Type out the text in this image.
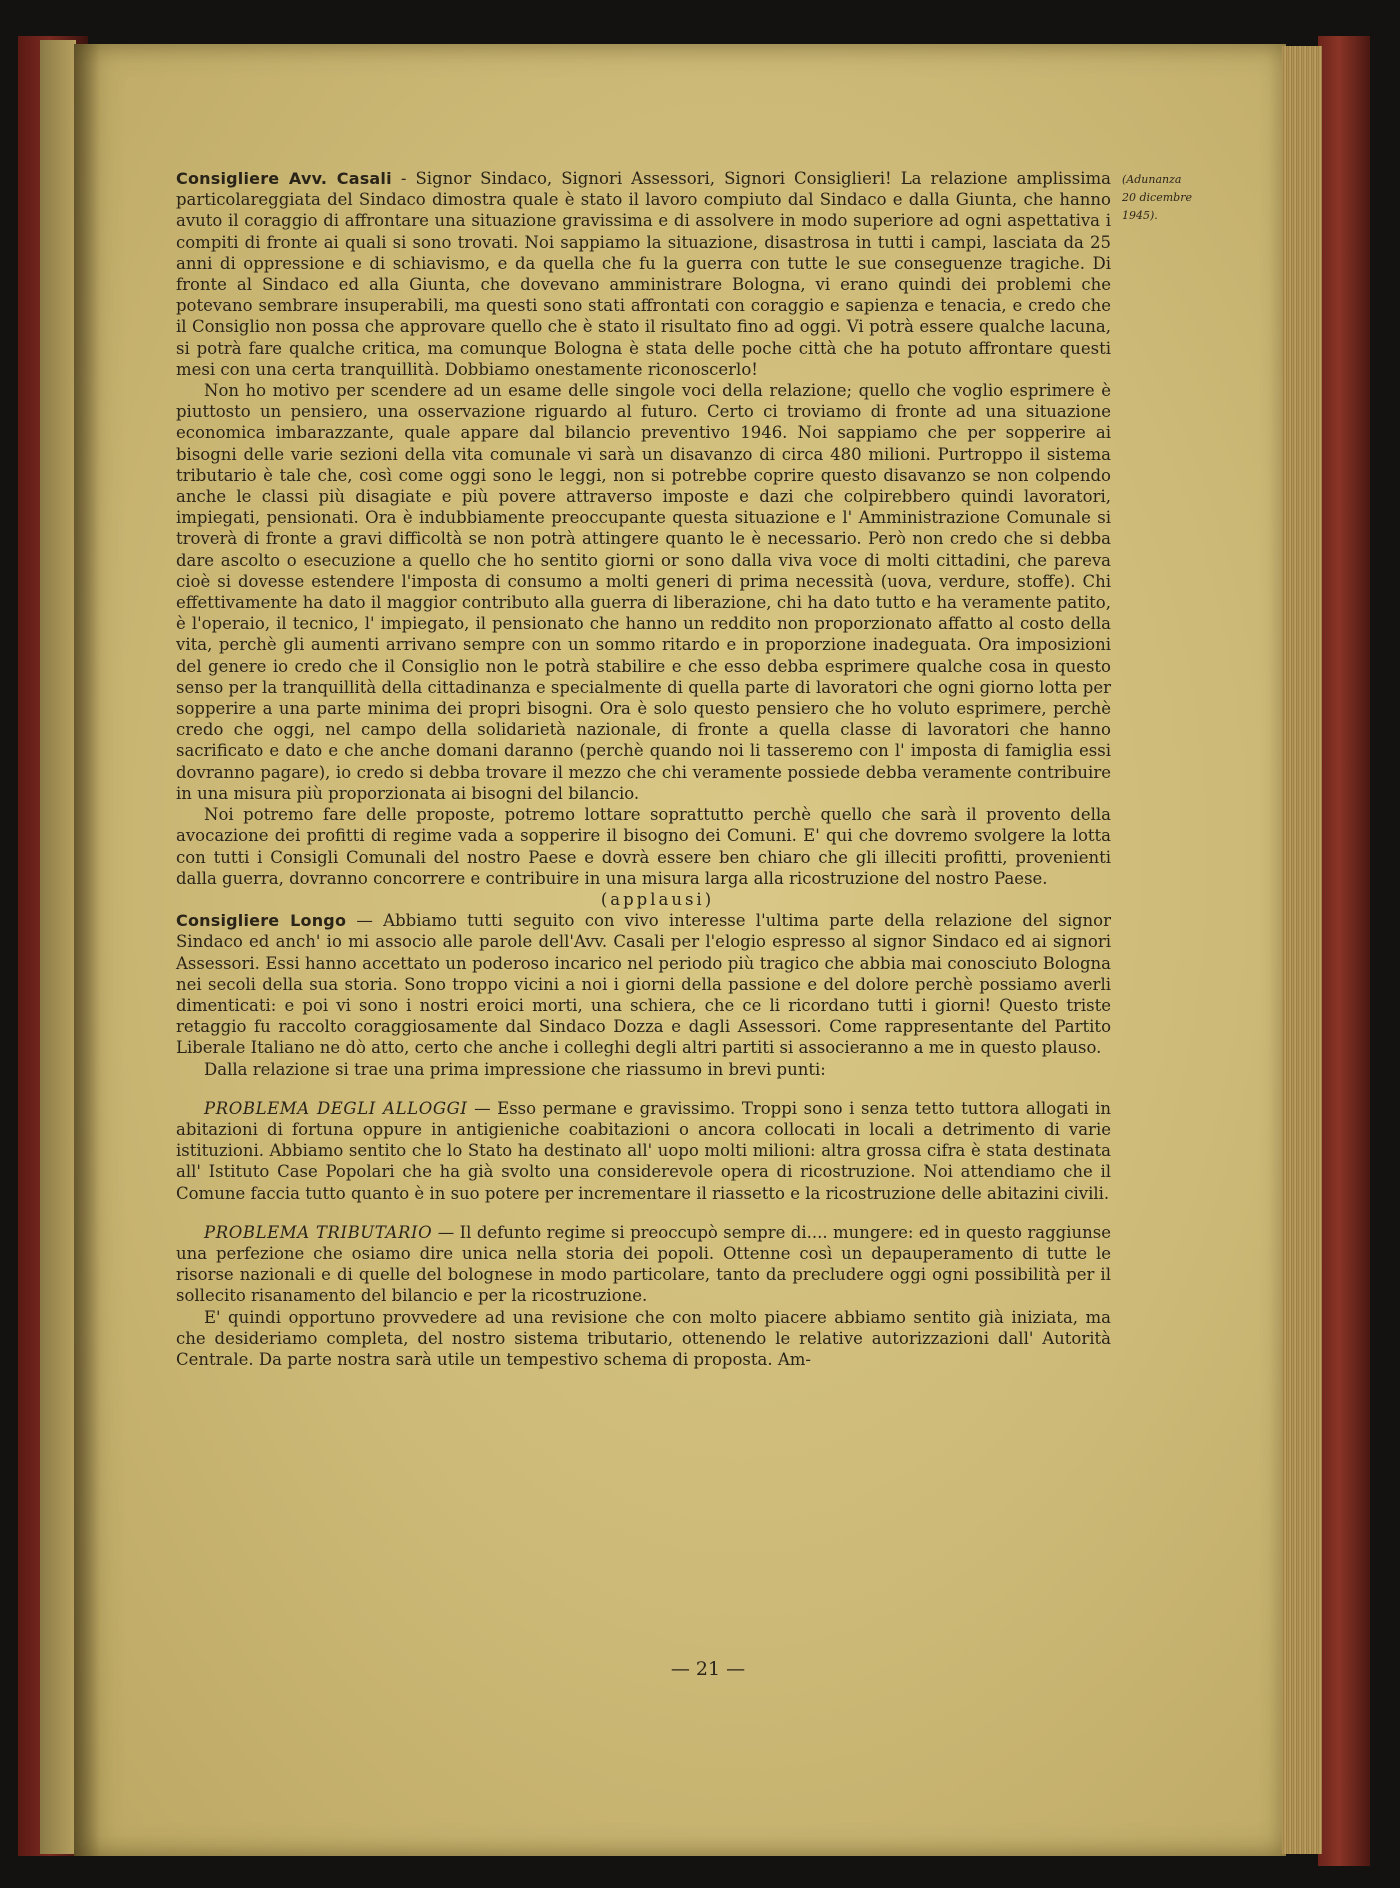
(Adunanza
20 dicembre 1945).

Consigliere Avv. Casali - Signor Sindaco, Signori Assessori, Signori Consiglieri! La relazione amplissima particolareggiata del Sindaco dimostra quale è stato il lavoro compiuto dal Sindaco e dalla Giunta, che hanno avuto il coraggio di affrontare una situazione gravissima e di assolvere in modo superiore ad ogni aspettativa i compiti di fronte ai quali si sono trovati. Noi sappiamo la situazione, disastrosa in tutti i campi, lasciata da 25 anni di oppressione e di schiavismo, e da quella che fu la guerra con tutte le sue conseguenze tragiche. Di fronte al Sindaco ed alla Giunta, che dovevano amministrare Bologna, vi erano quindi dei problemi che potevano sembrare insuperabili, ma questi sono stati affrontati con coraggio e sapienza e tenacia, e credo che il Consiglio non possa che approvare quello che è stato il risultato fino ad oggi. Vi potrà essere qualche lacuna, si potrà fare qualche critica, ma comunque Bologna è stata delle poche città che ha potuto affrontare questi mesi con una certa tranquillità. Dobbiamo onestamente riconoscerlo!

Non ho motivo per scendere ad un esame delle singole voci della relazione; quello che voglio esprimere è piuttosto un pensiero, una osservazione riguardo al futuro. Certo ci troviamo di fronte ad una situazione economica imbarazzante, quale appare dal bilancio preventivo 1946. Noi sappiamo che per sopperire ai bisogni delle varie sezioni della vita comunale vi sarà un disavanzo di circa 480 milioni. Purtroppo il sistema tributario è tale che, così come oggi sono le leggi, non si potrebbe coprire questo disavanzo se non colpendo anche le classi più disagiate e più povere attraverso imposte e dazi che colpirebbero quindi lavoratori, impiegati, pensionati. Ora è indubbiamente preoccupante questa situazione e l' Amministrazione Comunale si troverà di fronte a gravi difficoltà se non potrà attingere quanto le è necessario. Però non credo che si debba dare ascolto o esecuzione a quello che ho sentito giorni or sono dalla viva voce di molti cittadini, che pareva cioè si dovesse estendere l'imposta di consumo a molti generi di prima necessità (uova, verdure, stoffe). Chi effettivamente ha dato il maggior contributo alla guerra di liberazione, chi ha dato tutto e ha veramente patito, è l'operaio, il tecnico, l' impiegato, il pensionato che hanno un reddito non proporzionato affatto al costo della vita, perchè gli aumenti arrivano sempre con un sommo ritardo e in proporzione inadeguata. Ora imposizioni del genere io credo che il Consiglio non le potrà stabilire e che esso debba esprimere qualche cosa in questo senso per la tranquillità della cittadinanza e specialmente di quella parte di lavoratori che ogni giorno lotta per sopperire a una parte minima dei propri bisogni. Ora è solo questo pensiero che ho voluto esprimere, perchè credo che oggi, nel campo della solidarietà nazionale, di fronte a quella classe di lavoratori che hanno sacrificato e dato e che anche domani daranno (perchè quando noi li tasseremo con l' imposta di famiglia essi dovranno pagare), io credo si debba trovare il mezzo che chi veramente possiede debba veramente contribuire in una misura più proporzionata ai bisogni del bilancio.

Noi potremo fare delle proposte, potremo lottare soprattutto perchè quello che sarà il provento della avocazione dei profitti di regime vada a sopperire il bisogno dei Comuni. E' qui che dovremo svolgere la lotta con tutti i Consigli Comunali del nostro Paese e dovrà essere ben chiaro che gli illeciti profitti, provenienti dalla guerra, dovranno concorrere e contribuire in una misura larga alla ricostruzione del nostro Paese.

(applausi)

Consigliere Longo — Abbiamo tutti seguito con vivo interesse l'ultima parte della relazione del signor Sindaco ed anch' io mi associo alle parole dell'Avv. Casali per l'elogio espresso al signor Sindaco ed ai signori Assessori. Essi hanno accettato un poderoso incarico nel periodo più tragico che abbia mai conosciuto Bologna nei secoli della sua storia. Sono troppo vicini a noi i giorni della passione e del dolore perchè possiamo averli dimenticati: e poi vi sono i nostri eroici morti, una schiera, che ce li ricordano tutti i giorni! Questo triste retaggio fu raccolto coraggiosamente dal Sindaco Dozza e dagli Assessori. Come rappresentante del Partito Liberale Italiano ne dò atto, certo che anche i colleghi degli altri partiti si associeranno a me in questo plauso.

Dalla relazione si trae una prima impressione che riassumo in brevi punti:

PROBLEMA DEGLI ALLOGGI — Esso permane e gravissimo. Troppi sono i senza tetto tuttora allogati in abitazioni di fortuna oppure in antigieniche coabitazioni o ancora collocati in locali a detrimento di varie istituzioni. Abbiamo sentito che lo Stato ha destinato all' uopo molti milioni: altra grossa cifra è stata destinata all' Istituto Case Popolari che ha già svolto una considerevole opera di ricostruzione. Noi attendiamo che il Comune faccia tutto quanto è in suo potere per incrementare il riassetto e la ricostruzione delle abitazini civili.

PROBLEMA TRIBUTARIO — Il defunto regime si preoccupò sempre di.... mungere: ed in questo raggiunse una perfezione che osiamo dire unica nella storia dei popoli. Ottenne così un depauperamento di tutte le risorse nazionali e di quelle del bolognese in modo particolare, tanto da precludere oggi ogni possibilità per il sollecito risanamento del bilancio e per la ricostruzione.

E' quindi opportuno provvedere ad una revisione che con molto piacere abbiamo sentito già iniziata, ma che desideriamo completa, del nostro sistema tributario, ottenendo le relative autorizzazioni dall' Autorità Centrale. Da parte nostra sarà utile un tempestivo schema di proposta. Am-

— 21 —
